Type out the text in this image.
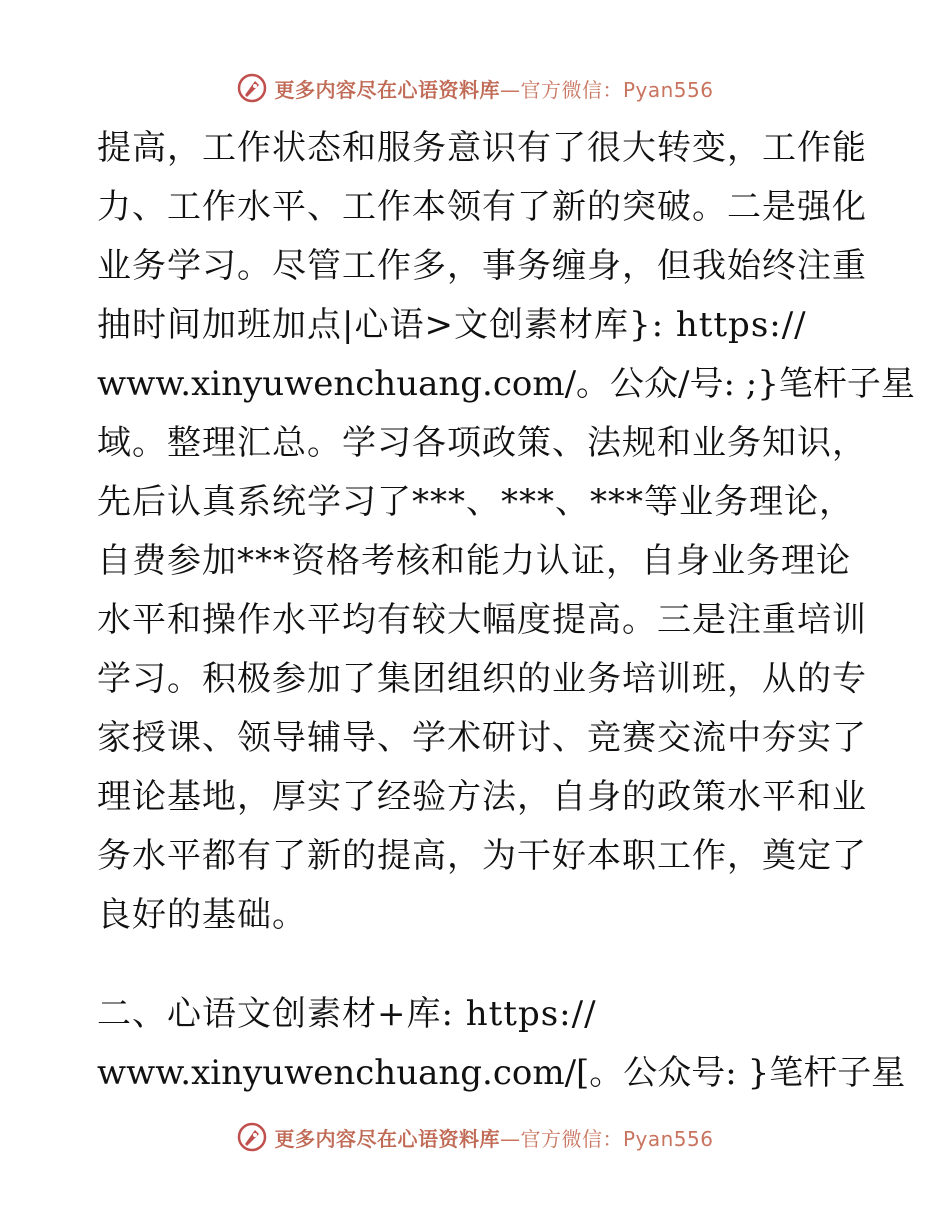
更多内容尽在心语资料库—官方微信：Pyan556
提高，工作状态和服务意识有了很大转变，工作能
力、工作水平、工作本领有了新的突破。二是强化
业务学习。尽管工作多，事务缠身，但我始终注重
抽时间加班加点|心语>文创素材库}: https://
www.xinyuwenchuang.com/。公众/号: ;}笔杆子星
域。整理汇总。学习各项政策、法规和业务知识，
先后认真系统学习了***、***、***等业务理论，
自费参加***资格考核和能力认证，自身业务理论
水平和操作水平均有较大幅度提高。三是注重培训
学习。积极参加了集团组织的业务培训班，从的专
家授课、领导辅导、学术研讨、竞赛交流中夯实了
理论基地，厚实了经验方法，自身的政策水平和业
务水平都有了新的提高，为干好本职工作，奠定了
良好的基础。
二、心语文创素材+库: https://
www.xinyuwenchuang.com/[。公众号: }笔杆子星
更多内容尽在心语资料库—官方微信：Pyan556
